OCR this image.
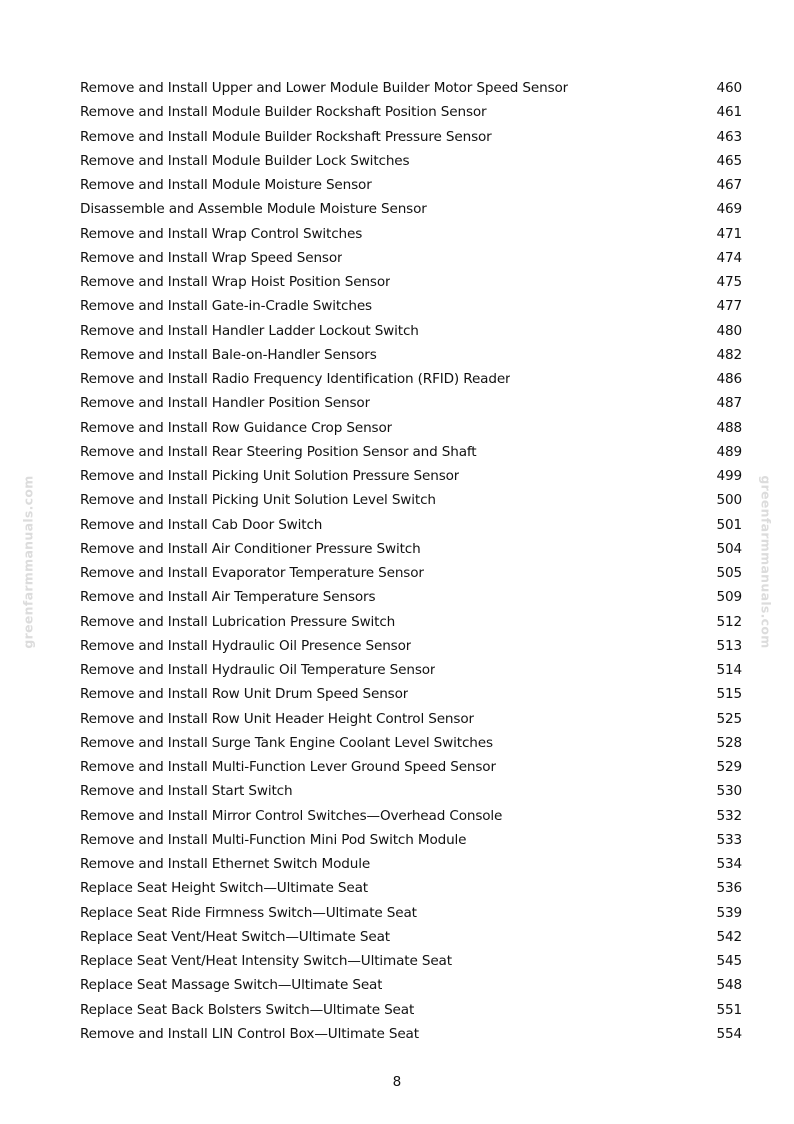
greenfarmmanuals.com	greenfarmmanuals.com
Remove and Install Upper and Lower Module Builder Motor Speed Sensor	460
Remove and Install Module Builder Rockshaft Position Sensor	461
Remove and Install Module Builder Rockshaft Pressure Sensor	463
Remove and Install Module Builder Lock Switches	465
Remove and Install Module Moisture Sensor	467
Disassemble and Assemble Module Moisture Sensor	469
Remove and Install Wrap Control Switches	471
Remove and Install Wrap Speed Sensor	474
Remove and Install Wrap Hoist Position Sensor	475
Remove and Install Gate-in-Cradle Switches	477
Remove and Install Handler Ladder Lockout Switch	480
Remove and Install Bale-on-Handler Sensors	482
Remove and Install Radio Frequency Identification (RFID) Reader	486
Remove and Install Handler Position Sensor	487
Remove and Install Row Guidance Crop Sensor	488
Remove and Install Rear Steering Position Sensor and Shaft	489
Remove and Install Picking Unit Solution Pressure Sensor	499
Remove and Install Picking Unit Solution Level Switch	500
Remove and Install Cab Door Switch	501
Remove and Install Air Conditioner Pressure Switch	504
Remove and Install Evaporator Temperature Sensor	505
Remove and Install Air Temperature Sensors	509
Remove and Install Lubrication Pressure Switch	512
Remove and Install Hydraulic Oil Presence Sensor	513
Remove and Install Hydraulic Oil Temperature Sensor	514
Remove and Install Row Unit Drum Speed Sensor	515
Remove and Install Row Unit Header Height Control Sensor	525
Remove and Install Surge Tank Engine Coolant Level Switches	528
Remove and Install Multi-Function Lever Ground Speed Sensor	529
Remove and Install Start Switch	530
Remove and Install Mirror Control Switches—Overhead Console	532
Remove and Install Multi-Function Mini Pod Switch Module	533
Remove and Install Ethernet Switch Module	534
Replace Seat Height Switch—Ultimate Seat	536
Replace Seat Ride Firmness Switch—Ultimate Seat	539
Replace Seat Vent/Heat Switch—Ultimate Seat	542
Replace Seat Vent/Heat Intensity Switch—Ultimate Seat	545
Replace Seat Massage Switch—Ultimate Seat	548
Replace Seat Back Bolsters Switch—Ultimate Seat	551
Remove and Install LIN Control Box—Ultimate Seat	554
8
